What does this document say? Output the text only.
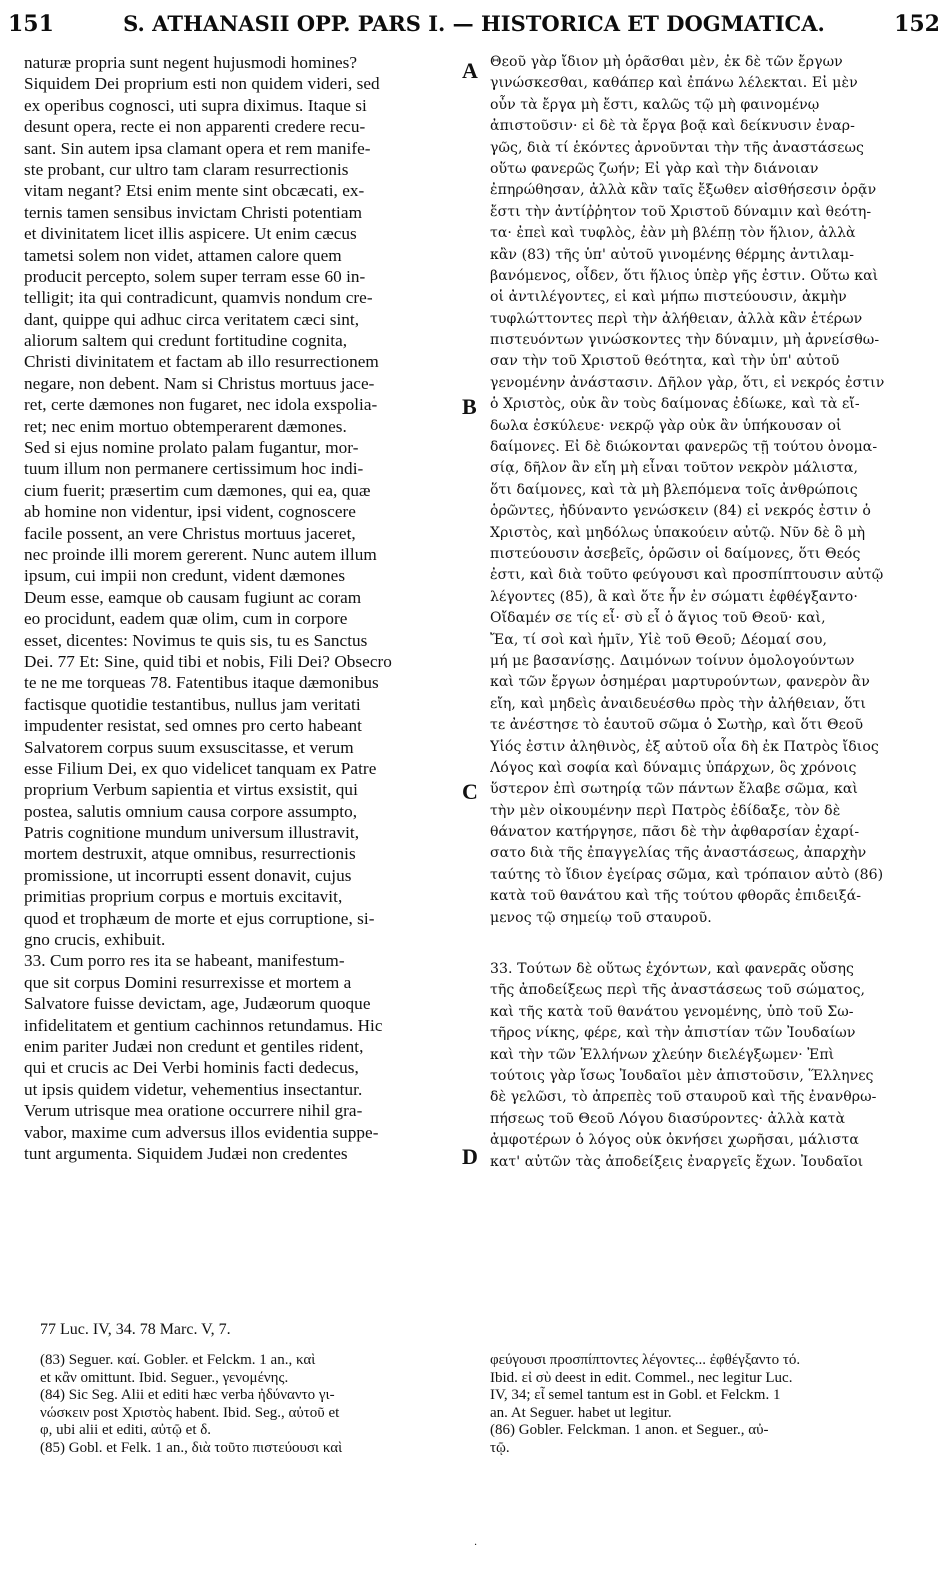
151	S. ATHANASII OPP. PARS I. — HISTORICA ET DOGMATICA.	152
naturæ propria sunt negent hujusmodi homines?
Siquidem Dei proprium esti non quidem videri, sed
ex operibus cognosci, uti supra diximus. Itaque si
desunt opera, recte ei non apparenti credere recu-
sant. Sin autem ipsa clamant opera et rem manife-
ste probant, cur ultro tam claram resurrectionis
vitam negant? Etsi enim mente sint obcæcati, ex-
ternis tamen sensibus invictam Christi potentiam
et divinitatem licet illis aspicere. Ut enim cæcus
tametsi solem non videt, attamen calore quem
producit percepto, solem super terram esse 60 in-
telligit; ita qui contradicunt, quamvis nondum cre-
dant, quippe qui adhuc circa veritatem cæci sint,
aliorum saltem qui credunt fortitudine cognita,
Christi divinitatem et factam ab illo resurrectionem
negare, non debent. Nam si Christus mortuus jace-
ret, certe dæmones non fugaret, nec idola exspolia-
ret; nec enim mortuo obtemperarent dæmones.
Sed si ejus nomine prolato palam fugantur, mor-
tuum illum non permanere certissimum hoc indi-
cium fuerit; præsertim cum dæmones, qui ea, quæ
ab homine non videntur, ipsi vident, cognoscere
facile possent, an vere Christus mortuus jaceret,
nec proinde illi morem gererent. Nunc autem illum
ipsum, cui impii non credunt, vident dæmones
Deum esse, eamque ob causam fugiunt ac coram
eo procidunt, eadem quæ olim, cum in corpore
esset, dicentes: Novimus te quis sis, tu es Sanctus
Dei. 77 Et: Sine, quid tibi et nobis, Fili Dei? Obsecro
te ne me torqueas 78. Fatentibus itaque dæmonibus
factisque quotidie testantibus, nullus jam veritati
impudenter resistat, sed omnes pro certo habeant
Salvatorem corpus suum exsuscitasse, et verum
esse Filium Dei, ex quo videlicet tanquam ex Patre
proprium Verbum sapientia et virtus exsistit, qui
postea, salutis omnium causa corpore assumpto,
Patris cognitione mundum universum illustravit,
mortem destruxit, atque omnibus, resurrectionis
promissione, ut incorrupti essent donavit, cujus
primitias proprium corpus e mortuis excitavit,
quod et trophæum de morte et ejus corruptione, si-
gno crucis, exhibuit.
33. Cum porro res ita se habeant, manifestum-
que sit corpus Domini resurrexisse et mortem a
Salvatore fuisse devictam, age, Judæorum quoque
infidelitatem et gentium cachinnos retundamus. Hic
enim pariter Judæi non credunt et gentiles rident,
qui et crucis ac Dei Verbi hominis facti dedecus,
ut ipsis quidem videtur, vehementius insectantur.
Verum utrisque mea oratione occurrere nihil gra-
vabor, maxime cum adversus illos evidentia suppe-
tunt argumenta. Siquidem Judæi non credentes
Θεοῦ γὰρ ἴδιον μὴ ὁρᾶσθαι μὲν, ἐκ δὲ τῶν ἔργων
γινώσκεσθαι, καθάπερ καὶ ἐπάνω λέλεκται. Εἰ μὲν
οὖν τὰ ἔργα μὴ ἔστι, καλῶς τῷ μὴ φαινομένῳ
ἀπιστοῦσιν· εἰ δὲ τὰ ἔργα βοᾷ καὶ δείκνυσιν ἐναρ-
γῶς, διὰ τί ἑκόντες ἀρνοῦνται τὴν τῆς ἀναστάσεως
οὕτω φανερῶς ζωήν; Εἰ γὰρ καὶ τὴν διάνοιαν
ἐπηρώθησαν, ἀλλὰ κἂν ταῖς ἔξωθεν αἰσθήσεσιν ὁρᾷν
ἔστι τὴν ἀντίῤῥητον τοῦ Χριστοῦ δύναμιν καὶ θεότη-
τα· ἐπεὶ καὶ τυφλὸς, ἐὰν μὴ βλέπῃ τὸν ἥλιον, ἀλλὰ
κἂν (83) τῆς ὑπ' αὐτοῦ γινομένης θέρμης ἀντιλαμ-
βανόμενος, οἶδεν, ὅτι ἥλιος ὑπὲρ γῆς ἐστιν. Οὕτω καὶ
οἱ ἀντιλέγοντες, εἰ καὶ μήπω πιστεύουσιν, ἀκμὴν
τυφλώττοντες περὶ τὴν ἀλήθειαν, ἀλλὰ κἂν ἑτέρων
πιστευόντων γινώσκοντες τὴν δύναμιν, μὴ ἀρνείσθω-
σαν τὴν τοῦ Χριστοῦ θεότητα, καὶ τὴν ὑπ' αὐτοῦ
γενομένην ἀνάστασιν. Δῆλον γὰρ, ὅτι, εἰ νεκρός ἐστιν
ὁ Χριστὸς, οὐκ ἂν τοὺς δαίμονας ἐδίωκε, καὶ τὰ εἴ-
δωλα ἐσκύλευε· νεκρῷ γὰρ οὐκ ἂν ὑπήκουσαν οἱ
δαίμονες. Εἰ δὲ διώκονται φανερῶς τῇ τούτου ὀνομα-
σίᾳ, δῆλον ἂν εἴη μὴ εἶναι τοῦτον νεκρὸν μάλιστα,
ὅτι δαίμονες, καὶ τὰ μὴ βλεπόμενα τοῖς ἀνθρώποις
ὁρῶντες, ἠδύναντο γενώσκειν (84) εἰ νεκρός ἐστιν ὁ
Χριστὸς, καὶ μηδόλως ὑπακούειν αὐτῷ. Νῦν δὲ ὃ μὴ
πιστεύουσιν ἀσεβεῖς, ὁρῶσιν οἱ δαίμονες, ὅτι Θεός
ἐστι, καὶ διὰ τοῦτο φεύγουσι καὶ προσπίπτουσιν αὐτῷ
λέγοντες (85), ἃ καὶ ὅτε ἦν ἐν σώματι ἐφθέγξαντο·
Οἴδαμέν σε τίς εἶ· σὺ εἶ ὁ ἅγιος τοῦ Θεοῦ· καὶ,
Ἔα, τί σοὶ καὶ ἡμῖν, Υἱὲ τοῦ Θεοῦ; Δέομαί σου,
μή με βασανίσῃς. Δαιμόνων τοίνυν ὁμολογούντων
καὶ τῶν ἔργων ὁσημέραι μαρτυρούντων, φανερὸν ἂν
εἴη, καὶ μηδεὶς ἀναιδευέσθω πρὸς τὴν ἀλήθειαν, ὅτι
τε ἀνέστησε τὸ ἑαυτοῦ σῶμα ὁ Σωτὴρ, καὶ ὅτι Θεοῦ
Υἱός ἐστιν ἀληθινὸς, ἐξ αὐτοῦ οἷα δὴ ἐκ Πατρὸς ἴδιος
Λόγος καὶ σοφία καὶ δύναμις ὑπάρχων, ὃς χρόνοις
ὕστερον ἐπὶ σωτηρίᾳ τῶν πάντων ἔλαβε σῶμα, καὶ
τὴν μὲν οἰκουμένην περὶ Πατρὸς ἐδίδαξε, τὸν δὲ
θάνατον κατήργησε, πᾶσι δὲ τὴν ἀφθαρσίαν ἐχαρί-
σατο διὰ τῆς ἐπαγγελίας τῆς ἀναστάσεως, ἀπαρχὴν
ταύτης τὸ ἴδιον ἐγείρας σῶμα, καὶ τρόπαιον αὐτὸ (86)
κατὰ τοῦ θανάτου καὶ τῆς τούτου φθορᾶς ἐπιδειξά-
μενος τῷ σημείῳ τοῦ σταυροῦ.
33. Τούτων δὲ οὕτως ἐχόντων, καὶ φανερᾶς οὔσης
τῆς ἀποδείξεως περὶ τῆς ἀναστάσεως τοῦ σώματος,
καὶ τῆς κατὰ τοῦ θανάτου γενομένης, ὑπὸ τοῦ Σω-
τῆρος νίκης, φέρε, καὶ τὴν ἀπιστίαν τῶν Ἰουδαίων
καὶ τὴν τῶν Ἑλλήνων χλεύην διελέγξωμεν· Ἐπὶ
τούτοις γὰρ ἴσως Ἰουδαῖοι μὲν ἀπιστοῦσιν, Ἕλληνες
δὲ γελῶσι, τὸ ἀπρεπὲς τοῦ σταυροῦ καὶ τῆς ἐνανθρω-
πήσεως τοῦ Θεοῦ Λόγου διασύροντες· ἀλλὰ κατὰ
ἀμφοτέρων ὁ λόγος οὐκ ὀκνήσει χωρῆσαι, μάλιστα
κατ' αὐτῶν τὰς ἀποδείξεις ἐναργεῖς ἔχων. Ἰουδαῖοι
A
B
C
D
77 Luc. IV, 34. 78 Marc. V, 7.
(83) Seguer. καί. Gobler. et Felckm. 1 an., καὶ
et κἂν omittunt. Ibid. Seguer., γενομένης.
(84) Sic Seg. Alii et editi hæc verba ἠδύναντο γι-
νώσκειν post Χριστὸς habent. Ibid. Seg., αὐτοῦ et
φ, ubi alii et editi, αὐτῷ et δ.
(85) Gobl. et Felk. 1 an., διὰ τοῦτο πιστεύουσι καὶ
φεύγουσι προσπίπτοντες λέγοντες... ἐφθέγξαντο τό.
Ibid. εἰ σὺ deest in edit. Commel., nec legitur Luc.
IV, 34; εἶ semel tantum est in Gobl. et Felckm. 1
an. At Seguer. habet ut legitur.
(86) Gobler. Felckman. 1 anon. et Seguer., αὐ-
τῷ.
·
